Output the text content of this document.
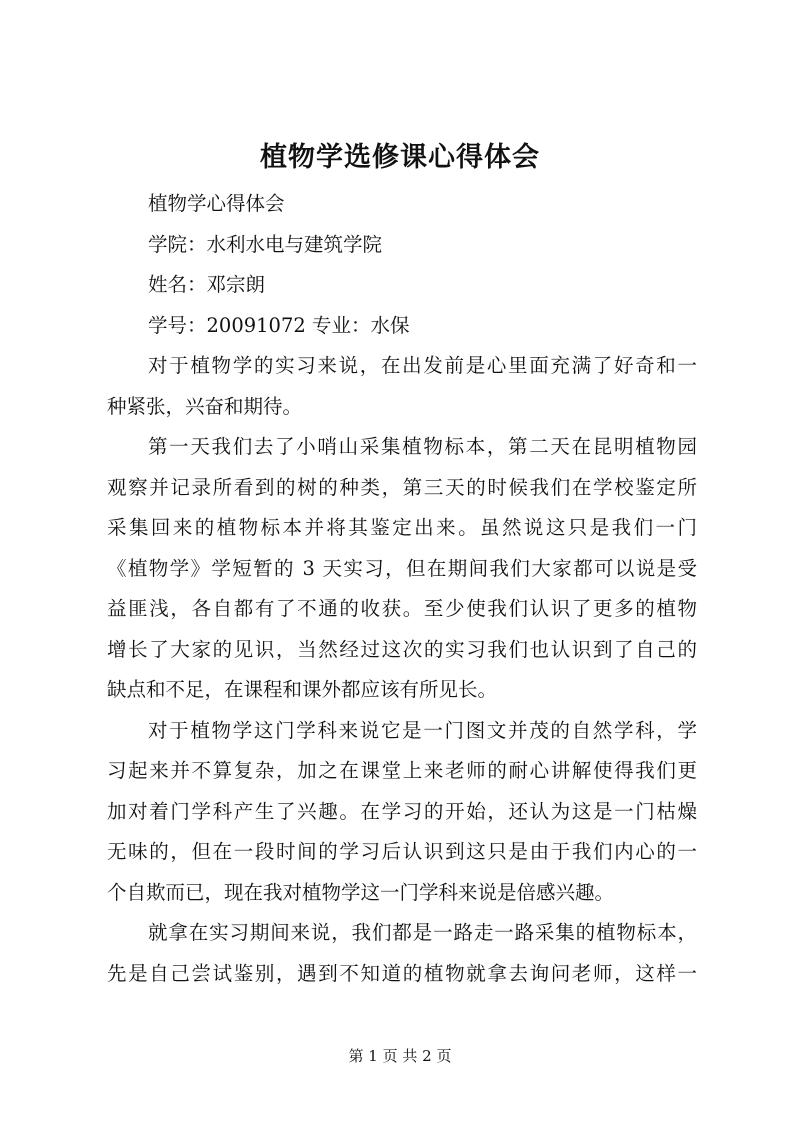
植物学选修课心得体会

植物学心得体会

学院：水利水电与建筑学院

姓名：邓宗朗

学号：20091072 专业：水保

对于植物学的实习来说，在出发前是心里面充满了好奇和一

种紧张，兴奋和期待。

第一天我们去了小哨山采集植物标本，第二天在昆明植物园

观察并记录所看到的树的种类，第三天的时候我们在学校鉴定所

采集回来的植物标本并将其鉴定出来。虽然说这只是我们一门

《植物学》学短暂的 3 天实习，但在期间我们大家都可以说是受

益匪浅，各自都有了不通的收获。至少使我们认识了更多的植物

增长了大家的见识，当然经过这次的实习我们也认识到了自己的

缺点和不足，在课程和课外都应该有所见长。

对于植物学这门学科来说它是一门图文并茂的自然学科，学

习起来并不算复杂，加之在课堂上来老师的耐心讲解使得我们更

加对着门学科产生了兴趣。在学习的开始，还认为这是一门枯燥

无味的，但在一段时间的学习后认识到这只是由于我们内心的一

个自欺而已，现在我对植物学这一门学科来说是倍感兴趣。

就拿在实习期间来说，我们都是一路走一路采集的植物标本，

先是自己尝试鉴别，遇到不知道的植物就拿去询问老师，这样一

第 1 页 共 2 页
